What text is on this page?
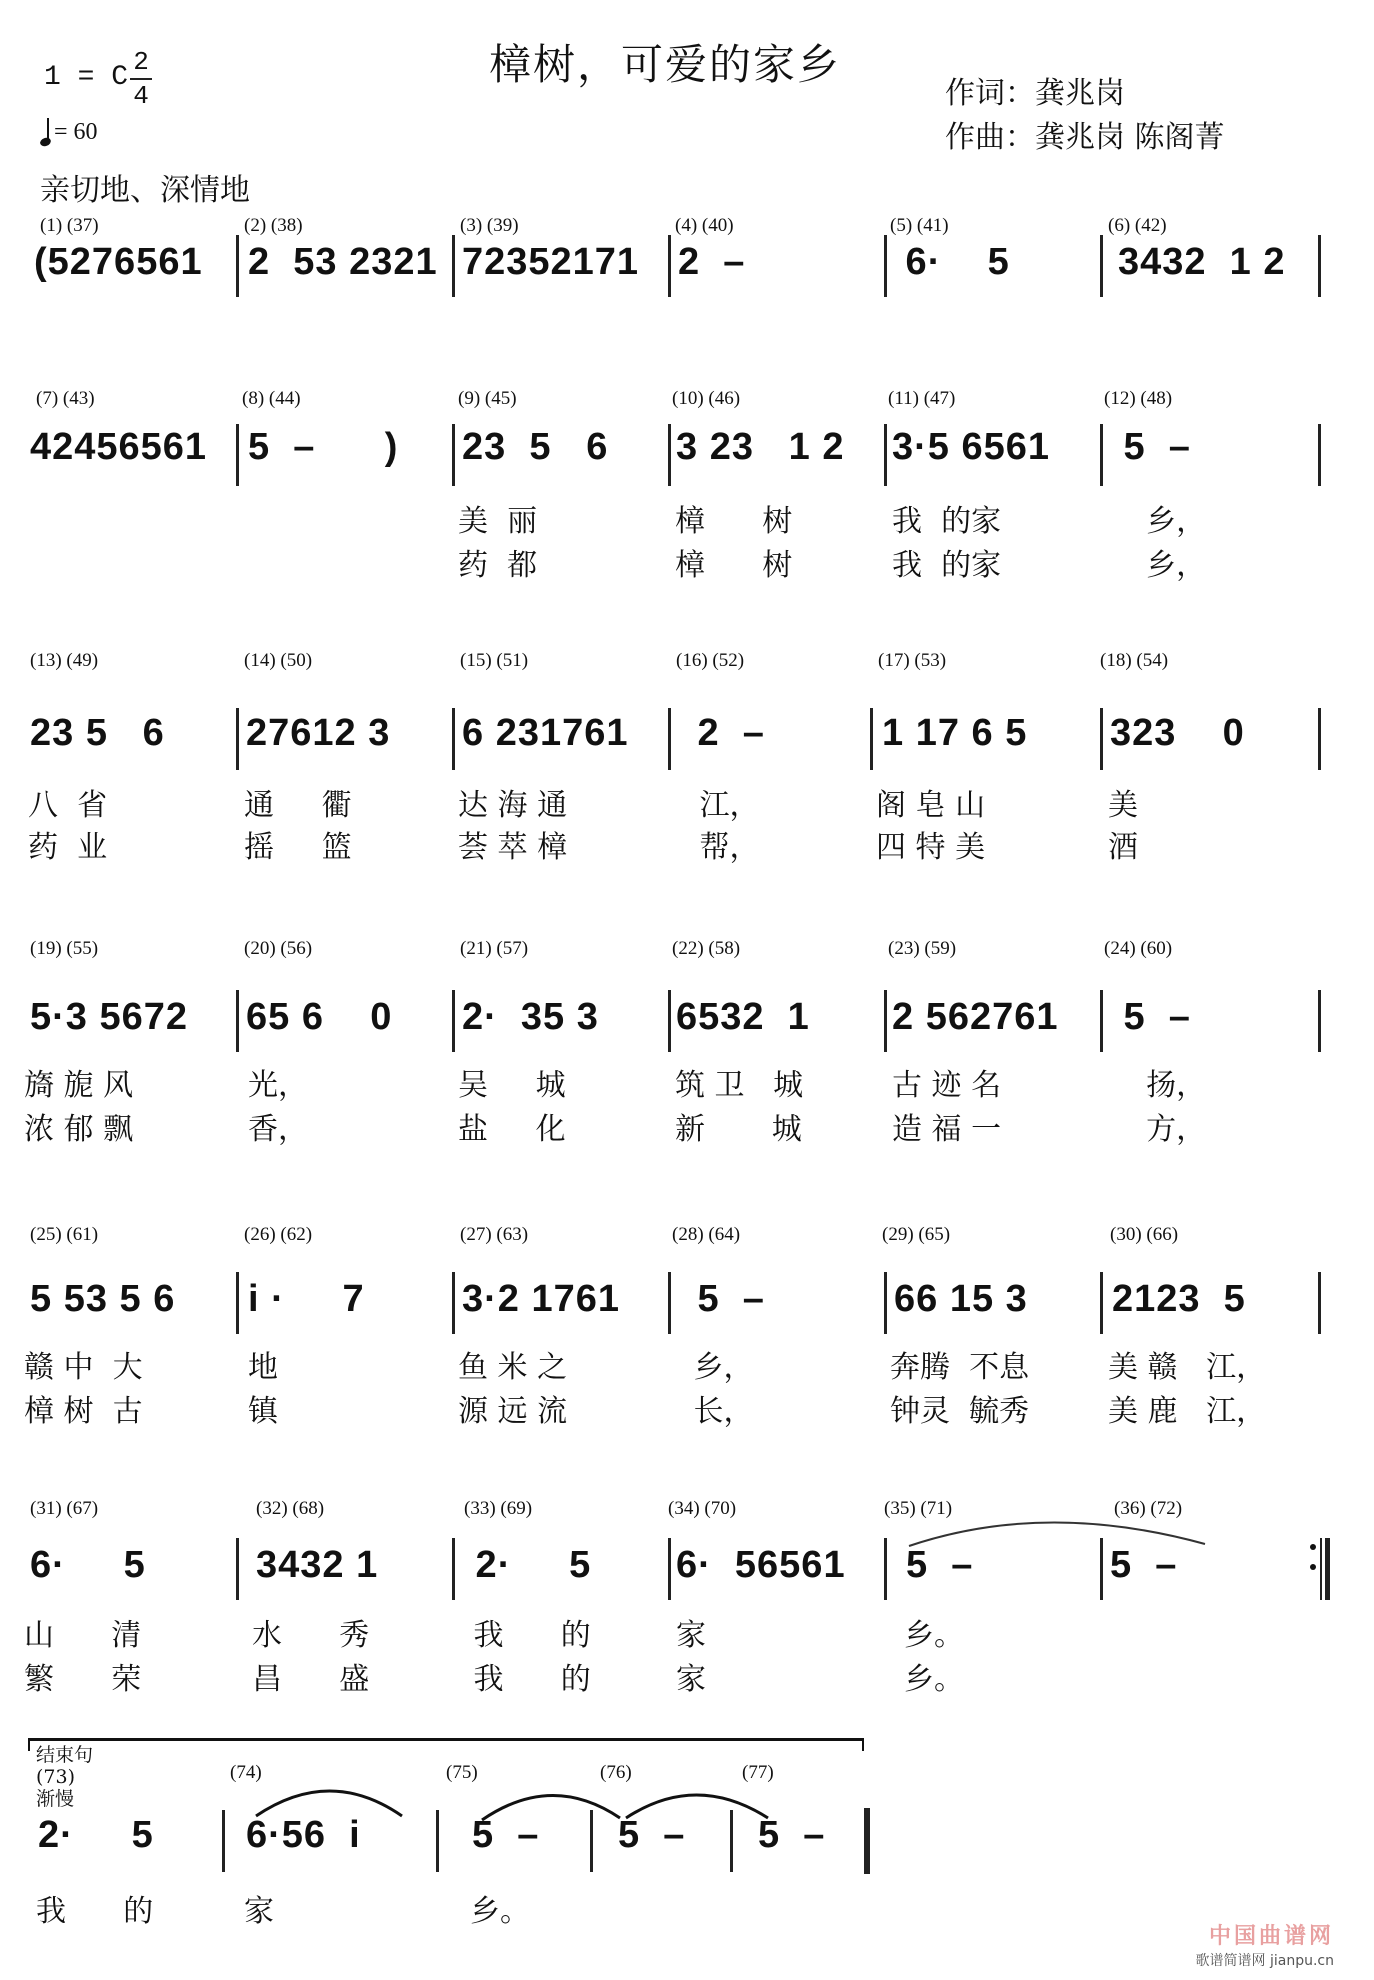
樟树，可爱的家乡
1 = C 2
4
= 60
亲切地、深情地
作词：龚兆岗
作曲：龚兆岗 陈阁菁
(1) (37)
(5276561
(2) (38)
2  53 2321
(3) (39)
72352171
(4) (40)
2  –
(5) (41)
6·    5
(6) (42)
3432  1 2
(7) (43)
42456561
(8) (44)
5  –      )
(9) (45)
23  5   6
美  丽
药  都
(10) (46)
3 23   1 2
樟      树
樟      树
(11) (47)
3·5 6561
我  的家
我  的家
(12) (48)
5  –
乡，
乡，
(13) (49)
23 5   6
八  省
药  业
(14) (50)
27612 3
通     衢
摇     篮
(15) (51)
6 231761
达 海 通
荟 萃 樟
(16) (52)
2  –
江，
帮，
(17) (53)
1 17 6 5
阁 皂 山
四 特 美
(18) (54)
323    0
美
酒
(19) (55)
5·3 5672
旖 旎 风
浓 郁 飘
(20) (56)
65 6    0
光，
香，
(21) (57)
2·  35 3
吴     城
盐     化
(22) (58)
6532  1
筑 卫   城
新       城
(23) (59)
2 562761
古 迹 名
造 福 一
(24) (60)
5  –
扬，
方，
(25) (61)
5 53 5 6
赣 中  大
樟 树  古
(26) (62)
i ·     7
地
镇
(27) (63)
3·2 1761
鱼 米 之
源 远 流
(28) (64)
5  –
乡，
长，
(29) (65)
66 15 3
奔腾  不息
钟灵  毓秀
(30) (66)
2123  5
美 赣   江，
美 鹿   江，
(31) (67)
6·     5
山      清
繁      荣
(32) (68)
3432 1
水      秀
昌      盛
(33) (69)
2·     5
我      的
我      的
(34) (70)
6·  56561
家
家
(35) (71)
5  –
乡。
乡。
(36) (72)
5  –
结束句
(73)
渐慢
2·     5
我      的
(74)
6·56  i
家
(75)
5  –
乡。
(76)
5  –
(77)
5  –
中国曲谱网
歌谱简谱网 jianpu.cn
